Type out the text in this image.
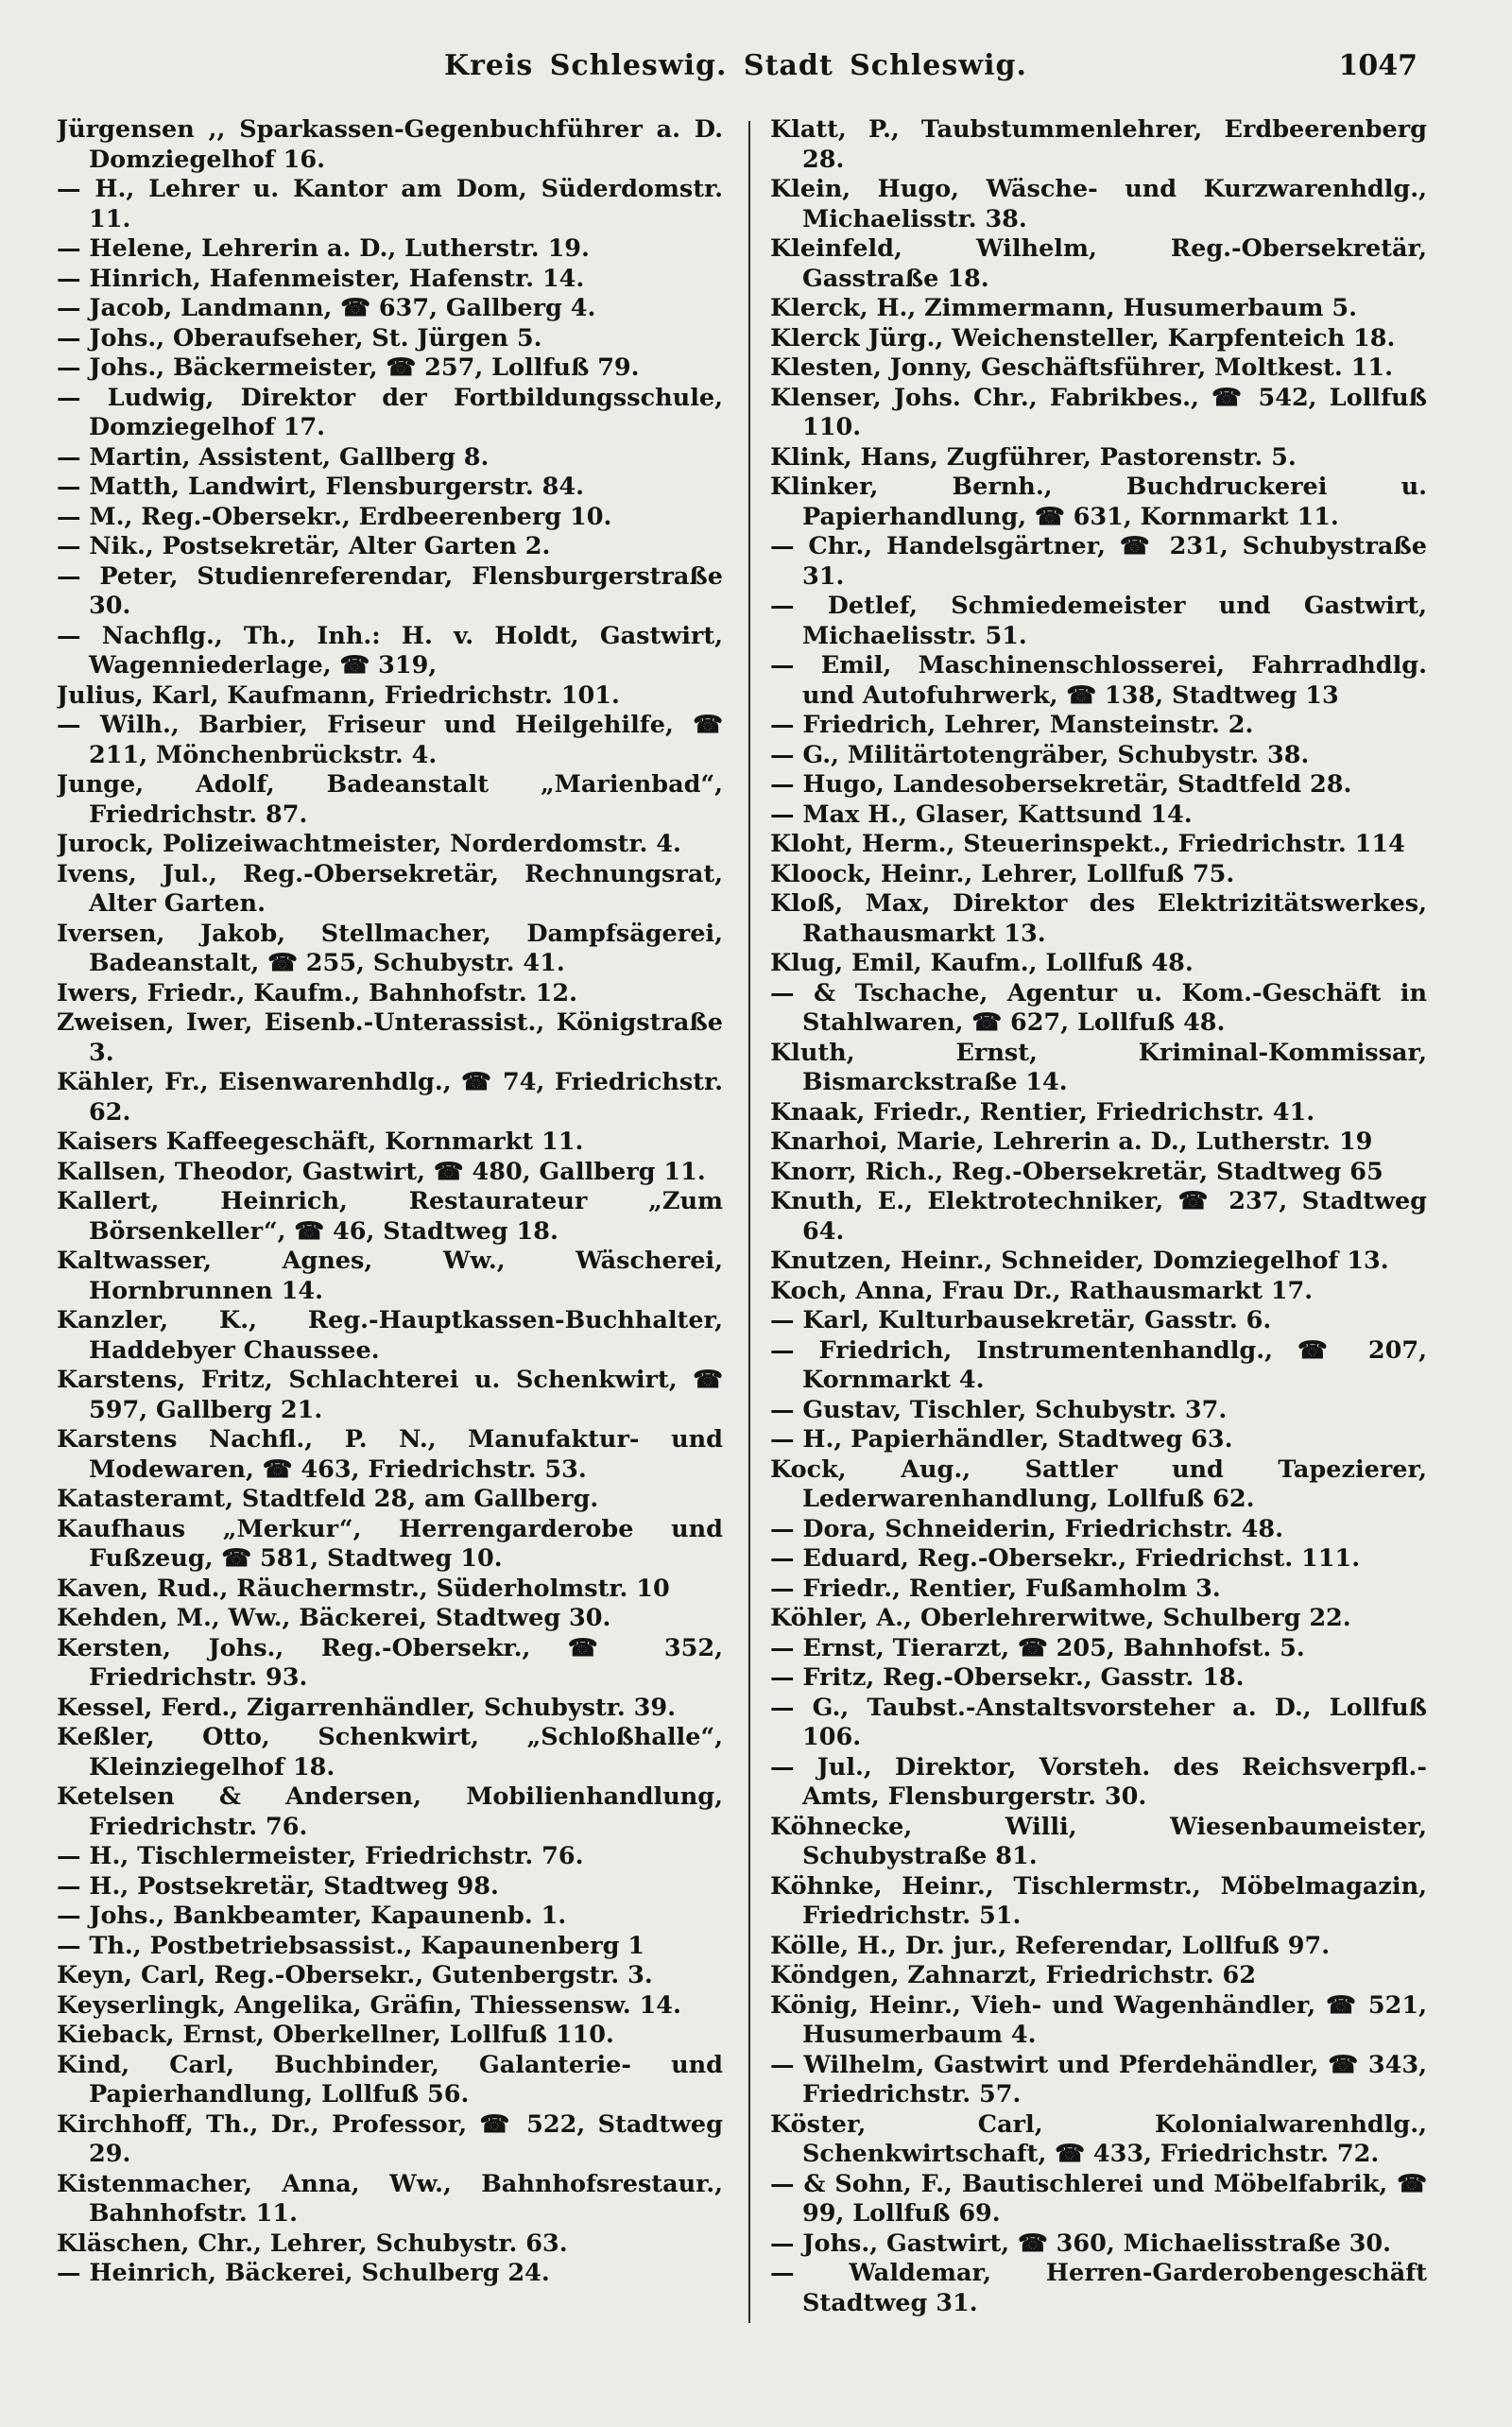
Kreis Schleswig. Stadt Schleswig.	1047

Jürgensen ,, Sparkassen-Gegenbuchführer a. D. Domziegelhof 16.

— H., Lehrer u. Kantor am Dom, Süderdomstr. 11.

— Helene, Lehrerin a. D., Lutherstr. 19.

— Hinrich, Hafenmeister, Hafenstr. 14.

— Jacob, Landmann, ☎ 637, Gallberg 4.

— Johs., Oberaufseher, St. Jürgen 5.

— Johs., Bäckermeister, ☎ 257, Lollfuß 79.

— Ludwig, Direktor der Fortbildungsschule, Domziegelhof 17.

— Martin, Assistent, Gallberg 8.

— Matth, Landwirt, Flensburgerstr. 84.

— M., Reg.-Obersekr., Erdbeerenberg 10.

— Nik., Postsekretär, Alter Garten 2.

— Peter, Studienreferendar, Flensburgerstraße 30.

— Nachflg., Th., Inh.: H. v. Holdt, Gastwirt, Wagenniederlage, ☎ 319,

Julius, Karl, Kaufmann, Friedrichstr. 101.

— Wilh., Barbier, Friseur und Heilgehilfe, ☎ 211, Mönchenbrückstr. 4.

Junge, Adolf, Badeanstalt „Marienbad“, Friedrichstr. 87.

Jurock, Polizeiwachtmeister, Norderdomstr. 4.

Ivens, Jul., Reg.-Obersekretär, Rechnungsrat, Alter Garten.

Iversen, Jakob, Stellmacher, Dampfsägerei, Badeanstalt, ☎ 255, Schubystr. 41.

Iwers, Friedr., Kaufm., Bahnhofstr. 12.

Zweisen, Iwer, Eisenb.-Unterassist., Königstraße 3.

Kähler, Fr., Eisenwarenhdlg., ☎ 74, Friedrichstr. 62.

Kaisers Kaffeegeschäft, Kornmarkt 11.

Kallsen, Theodor, Gastwirt, ☎ 480, Gallberg 11.

Kallert, Heinrich, Restaurateur „Zum Börsenkeller“, ☎ 46, Stadtweg 18.

Kaltwasser, Agnes, Ww., Wäscherei, Hornbrunnen 14.

Kanzler, K., Reg.-Hauptkassen-Buchhalter, Haddebyer Chaussee.

Karstens, Fritz, Schlachterei u. Schenkwirt, ☎ 597, Gallberg 21.

Karstens Nachfl., P. N., Manufaktur- und Modewaren, ☎ 463, Friedrichstr. 53.

Katasteramt, Stadtfeld 28, am Gallberg.

Kaufhaus „Merkur“, Herrengarderobe und Fußzeug, ☎ 581, Stadtweg 10.

Kaven, Rud., Räuchermstr., Süderholmstr. 10

Kehden, M., Ww., Bäckerei, Stadtweg 30.

Kersten, Johs., Reg.-Obersekr., ☎ 352, Friedrichstr. 93.

Kessel, Ferd., Zigarrenhändler, Schubystr. 39.

Keßler, Otto, Schenkwirt, „Schloßhalle“, Kleinziegelhof 18.

Ketelsen & Andersen, Mobilienhandlung, Friedrichstr. 76.

— H., Tischlermeister, Friedrichstr. 76.

— H., Postsekretär, Stadtweg 98.

— Johs., Bankbeamter, Kapaunenb. 1.

— Th., Postbetriebsassist., Kapaunenberg 1

Keyn, Carl, Reg.-Obersekr., Gutenbergstr. 3.

Keyserlingk, Angelika, Gräfin, Thiessensw. 14.

Kieback, Ernst, Oberkellner, Lollfuß 110.

Kind, Carl, Buchbinder, Galanterie- und Papierhandlung, Lollfuß 56.

Kirchhoff, Th., Dr., Professor, ☎ 522, Stadtweg 29.

Kistenmacher, Anna, Ww., Bahnhofsrestaur., Bahnhofstr. 11.

Kläschen, Chr., Lehrer, Schubystr. 63.

— Heinrich, Bäckerei, Schulberg 24.

Klatt, P., Taubstummenlehrer, Erdbeerenberg 28.

Klein, Hugo, Wäsche- und Kurzwarenhdlg., Michaelisstr. 38.

Kleinfeld, Wilhelm, Reg.-Obersekretär, Gasstraße 18.

Klerck, H., Zimmermann, Husumerbaum 5.

Klerck Jürg., Weichensteller, Karpfenteich 18.

Klesten, Jonny, Geschäftsführer, Moltkest. 11.

Klenser, Johs. Chr., Fabrikbes., ☎ 542, Lollfuß 110.

Klink, Hans, Zugführer, Pastorenstr. 5.

Klinker, Bernh., Buchdruckerei u. Papierhandlung, ☎ 631, Kornmarkt 11.

— Chr., Handelsgärtner, ☎ 231, Schubystraße 31.

— Detlef, Schmiedemeister und Gastwirt, Michaelisstr. 51.

— Emil, Maschinenschlosserei, Fahrradhdlg. und Autofuhrwerk, ☎ 138, Stadtweg 13

— Friedrich, Lehrer, Mansteinstr. 2.

— G., Militärtotengräber, Schubystr. 38.

— Hugo, Landesobersekretär, Stadtfeld 28.

— Max H., Glaser, Kattsund 14.

Kloht, Herm., Steuerinspekt., Friedrichstr. 114

Kloock, Heinr., Lehrer, Lollfuß 75.

Kloß, Max, Direktor des Elektrizitätswerkes, Rathausmarkt 13.

Klug, Emil, Kaufm., Lollfuß 48.

— & Tschache, Agentur u. Kom.-Geschäft in Stahlwaren, ☎ 627, Lollfuß 48.

Kluth, Ernst, Kriminal-Kommissar, Bismarckstraße 14.

Knaak, Friedr., Rentier, Friedrichstr. 41.

Knarhoi, Marie, Lehrerin a. D., Lutherstr. 19

Knorr, Rich., Reg.-Obersekretär, Stadtweg 65

Knuth, E., Elektrotechniker, ☎ 237, Stadtweg 64.

Knutzen, Heinr., Schneider, Domziegelhof 13.

Koch, Anna, Frau Dr., Rathausmarkt 17.

— Karl, Kulturbausekretär, Gasstr. 6.

— Friedrich, Instrumentenhandlg., ☎ 207, Kornmarkt 4.

— Gustav, Tischler, Schubystr. 37.

— H., Papierhändler, Stadtweg 63.

Kock, Aug., Sattler und Tapezierer, Lederwarenhandlung, Lollfuß 62.

— Dora, Schneiderin, Friedrichstr. 48.

— Eduard, Reg.-Obersekr., Friedrichst. 111.

— Friedr., Rentier, Fußamholm 3.

Köhler, A., Oberlehrerwitwe, Schulberg 22.

— Ernst, Tierarzt, ☎ 205, Bahnhofst. 5.

— Fritz, Reg.-Obersekr., Gasstr. 18.

— G., Taubst.-Anstaltsvorsteher a. D., Lollfuß 106.

— Jul., Direktor, Vorsteh. des Reichsverpfl.-Amts, Flensburgerstr. 30.

Köhnecke, Willi, Wiesenbaumeister, Schubystraße 81.

Köhnke, Heinr., Tischlermstr., Möbelmagazin, Friedrichstr. 51.

Kölle, H., Dr. jur., Referendar, Lollfuß 97.

Köndgen, Zahnarzt, Friedrichstr. 62

König, Heinr., Vieh- und Wagenhändler, ☎ 521, Husumerbaum 4.

— Wilhelm, Gastwirt und Pferdehändler, ☎ 343, Friedrichstr. 57.

Köster, Carl, Kolonialwarenhdlg., Schenkwirtschaft, ☎ 433, Friedrichstr. 72.

— & Sohn, F., Bautischlerei und Möbelfabrik, ☎ 99, Lollfuß 69.

— Johs., Gastwirt, ☎ 360, Michaelisstraße 30.

— Waldemar, Herren-Garderobengeschäft Stadtweg 31.
